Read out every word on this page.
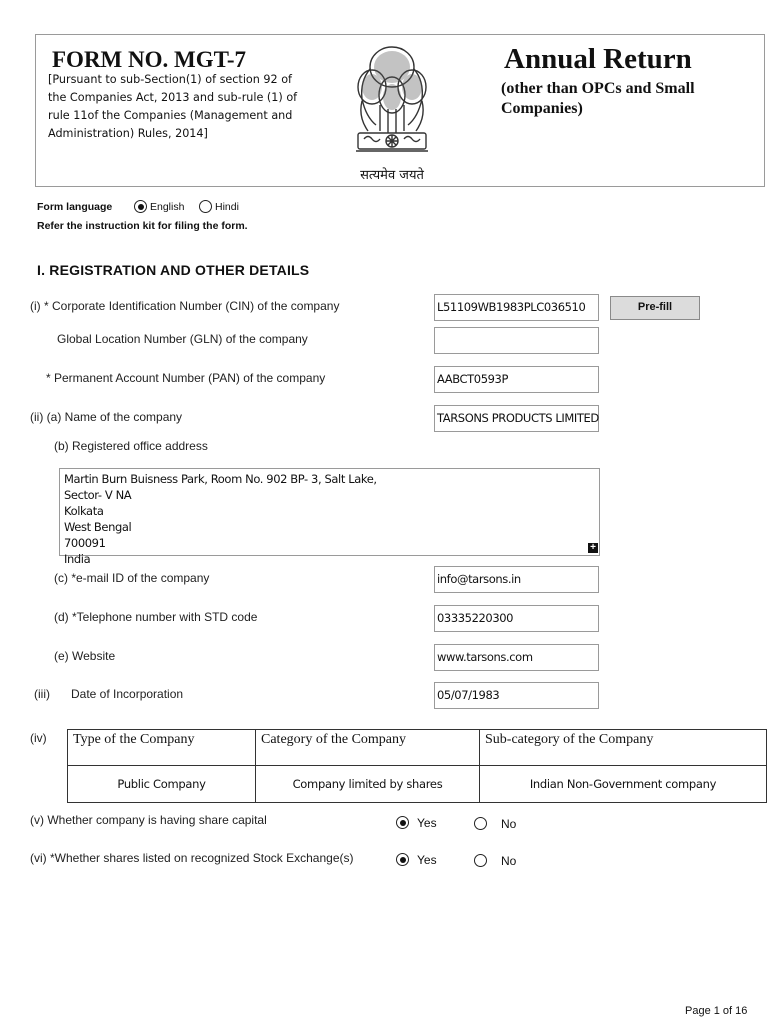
FORM NO. MGT-7
[Pursuant to sub-Section(1) of section 92 of
the Companies Act, 2013 and sub-rule (1) of
rule 11of the Companies (Management and
Administration) Rules, 2014]
सत्यमेव जयते
Annual Return
(other than OPCs and Small Companies)
Form language	English	Hindi
Refer the instruction kit for filing the form.
I. REGISTRATION AND OTHER DETAILS
(i) * Corporate Identification Number (CIN) of the company	L51109WB1983PLC036510	Pre-fill
Global Location Number (GLN) of the company
* Permanent Account Number (PAN) of the company	AABCT0593P
(ii) (a) Name of the company	TARSONS PRODUCTS LIMITED
(b) Registered office address
Martin Burn Buisness Park, Room No. 902 BP- 3, Salt Lake,
Sector- V NA
Kolkata
West Bengal
700091
India
+
(c) *e-mail ID of the company	info@tarsons.in
(d) *Telephone number with STD code	03335220300
(e) Website	www.tarsons.com
(iii) Date of Incorporation	05/07/1983
(iv) Type of the Company	Category of the Company	Sub-category of the Company
Public Company	Company limited by shares	Indian Non-Government company
(v) Whether company is having share capital	Yes	No
(vi) *Whether shares listed on recognized Stock Exchange(s)	Yes	No
Page 1 of 16
